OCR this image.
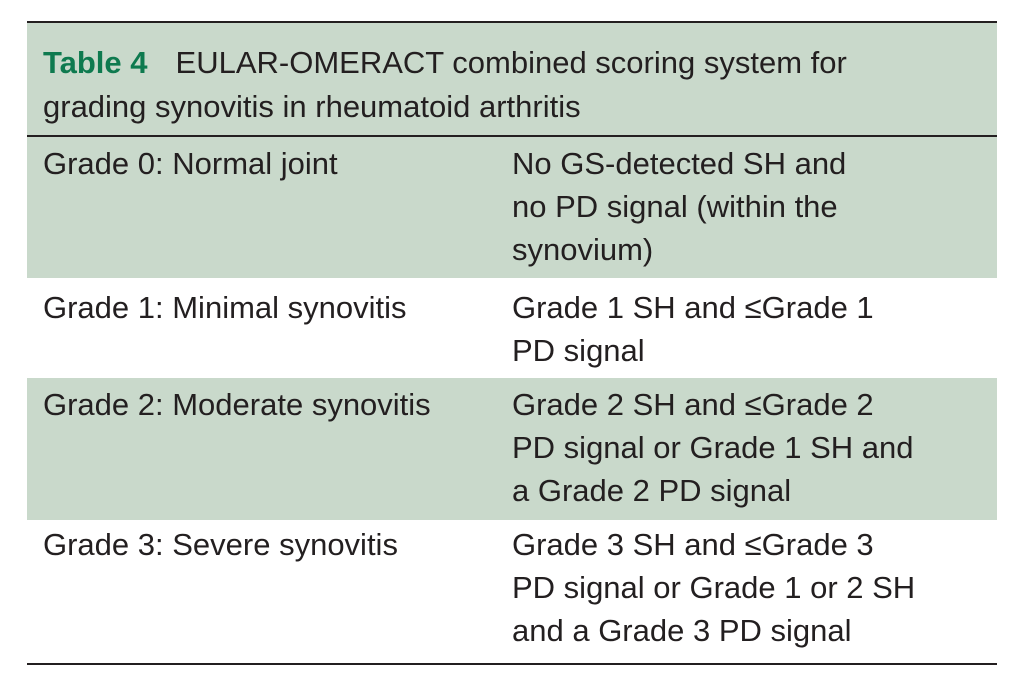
Table 4 EULAR-OMERACT combined scoring system for
grading synovitis in rheumatoid arthritis
Grade 0: Normal joint	No GS-detected SH and
no PD signal (within the
synovium)
Grade 1: Minimal synovitis	Grade 1 SH and ≤Grade 1
PD signal
Grade 2: Moderate synovitis	Grade 2 SH and ≤Grade 2
PD signal or Grade 1 SH and
a Grade 2 PD signal
Grade 3: Severe synovitis	Grade 3 SH and ≤Grade 3
PD signal or Grade 1 or 2 SH
and a Grade 3 PD signal
